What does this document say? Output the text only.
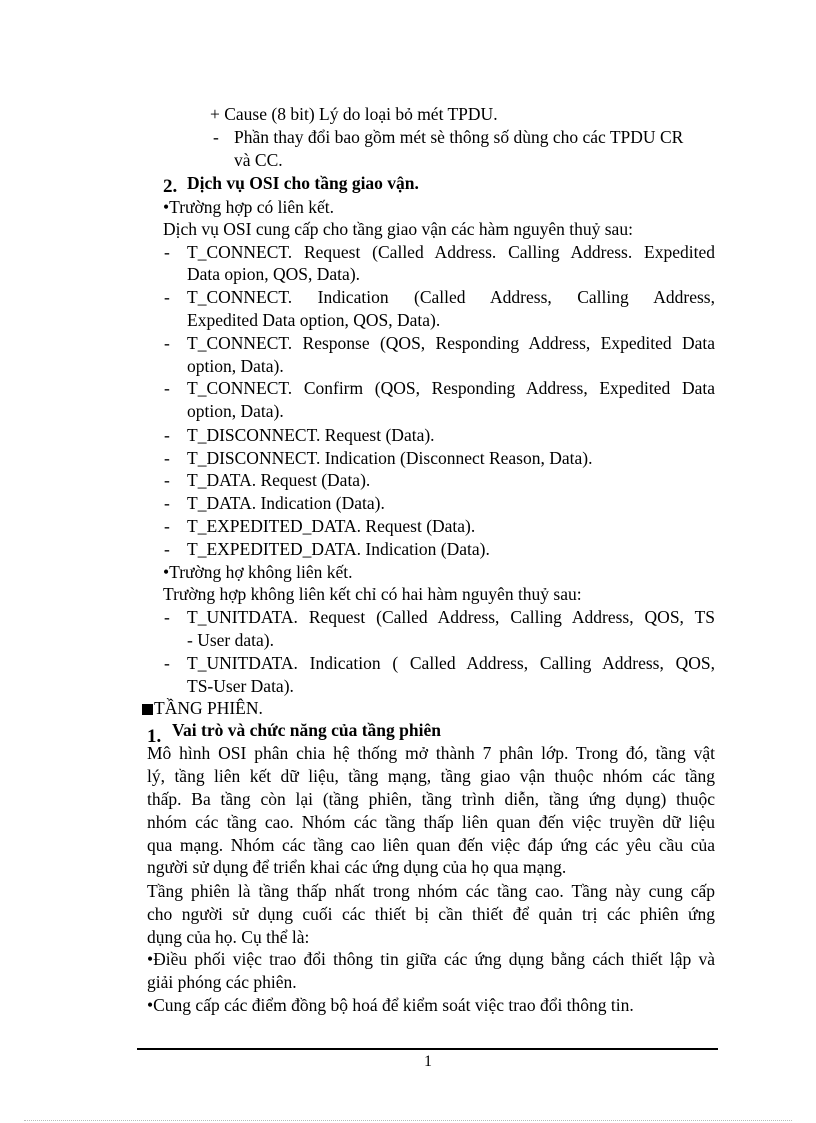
+ Cause (8 bit) Lý do loại bỏ mét TPDU.
- Phần thay đổi bao gồm mét sè thông số dùng cho các TPDU CR
và CC.
2. Dịch vụ OSI cho tầng giao vận.
•Trường hợp có liên kết.
Dịch vụ OSI cung cấp cho tầng giao vận các hàm nguyên thuỷ sau:
- T_CONNECT. Request (Called Address. Calling Address. Expedited
Data opion, QOS, Data).
- T_CONNECT. Indication (Called Address, Calling Address,
Expedited Data option, QOS, Data).
- T_CONNECT. Response (QOS, Responding Address, Expedited Data
option, Data).
- T_CONNECT. Confirm (QOS, Responding Address, Expedited Data
option, Data).
- T_DISCONNECT. Request (Data).
- T_DISCONNECT. Indication (Disconnect Reason, Data).
- T_DATA. Request (Data).
- T_DATA. Indication (Data).
- T_EXPEDITED_DATA. Request (Data).
- T_EXPEDITED_DATA. Indication (Data).
•Trường hợ không liên kết.
Trường hợp không liên kết chỉ có hai hàm nguyên thuỷ sau:
- T_UNITDATA. Request (Called Address, Calling Address, QOS, TS
- User data).
- T_UNITDATA. Indication ( Called Address, Calling Address, QOS,
TS-User Data).
TẦNG PHIÊN.
1. Vai trò và chức năng của tầng phiên
Mô hình OSI phân chia hệ thống mở thành 7 phân lớp. Trong đó, tầng vật
lý, tầng liên kết dữ liệu, tầng mạng, tầng giao vận thuộc nhóm các tầng
thấp. Ba tầng còn lại (tầng phiên, tầng trình diễn, tầng ứng dụng) thuộc
nhóm các tầng cao. Nhóm các tầng thấp liên quan đến việc truyền dữ liệu
qua mạng. Nhóm các tầng cao liên quan đến việc đáp ứng các yêu cầu của
người sử dụng để triển khai các ứng dụng của họ qua mạng.
Tầng phiên là tầng thấp nhất trong nhóm các tầng cao. Tầng này cung cấp
cho người sử dụng cuối các thiết bị cần thiết để quản trị các phiên ứng
dụng của họ. Cụ thể là:
•Điều phối việc trao đổi thông tin giữa các ứng dụng bằng cách thiết lập và
giải phóng các phiên.
•Cung cấp các điểm đồng bộ hoá để kiểm soát việc trao đổi thông tin.
1
